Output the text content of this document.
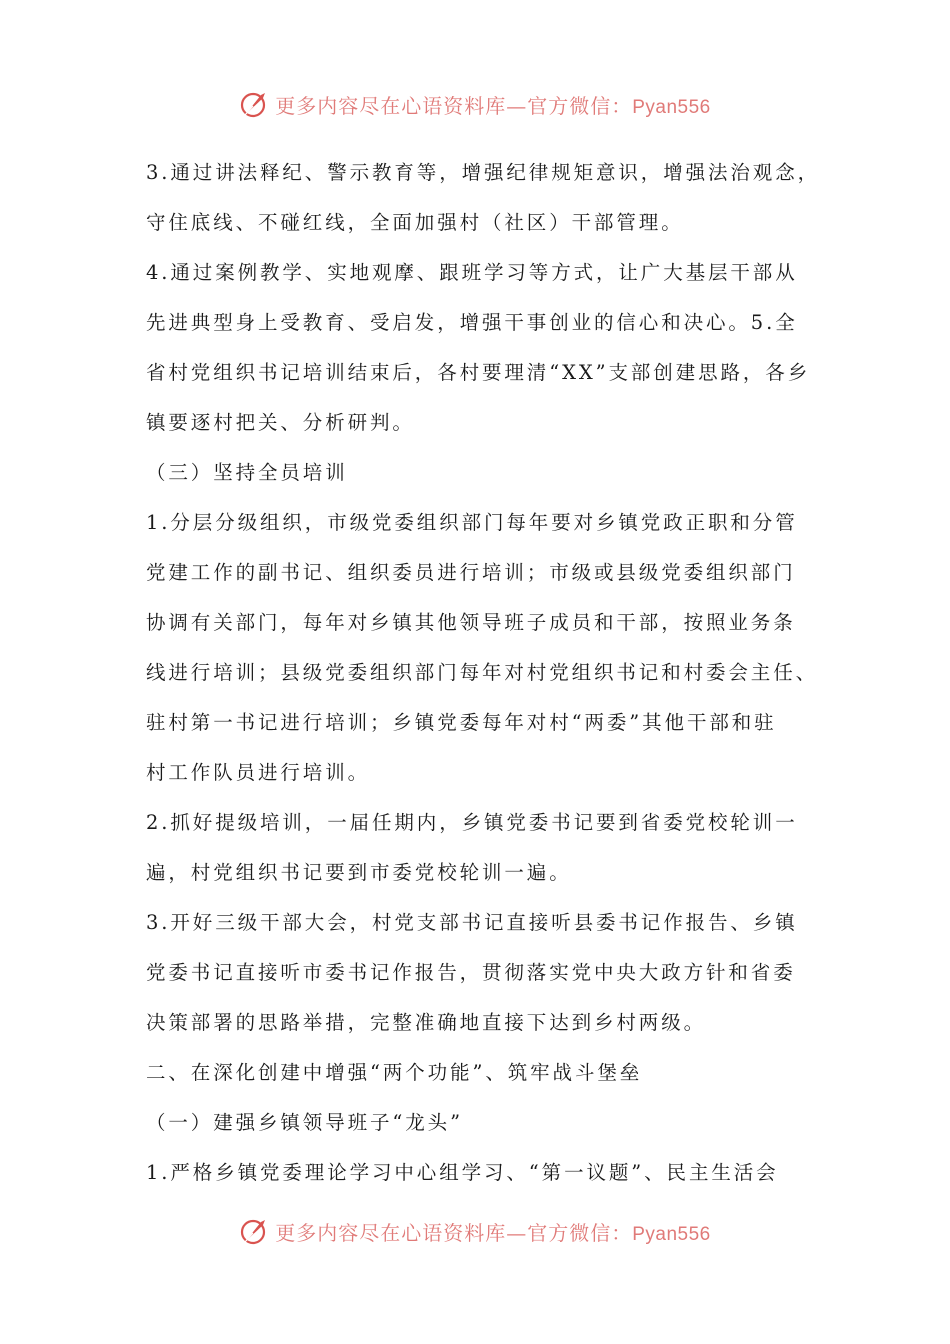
更多内容尽在心语资料库—官方微信：Pyan556
3.通过讲法释纪、警示教育等，增强纪律规矩意识，增强法治观念，
守住底线、不碰红线，全面加强村（社区）干部管理。
4.通过案例教学、实地观摩、跟班学习等方式，让广大基层干部从
先进典型身上受教育、受启发，增强干事创业的信心和决心。5.全
省村党组织书记培训结束后，各村要理清“XX”支部创建思路，各乡
镇要逐村把关、分析研判。
（三）坚持全员培训
1.分层分级组织，市级党委组织部门每年要对乡镇党政正职和分管
党建工作的副书记、组织委员进行培训；市级或县级党委组织部门
协调有关部门，每年对乡镇其他领导班子成员和干部，按照业务条
线进行培训；县级党委组织部门每年对村党组织书记和村委会主任、
驻村第一书记进行培训；乡镇党委每年对村“两委”其他干部和驻
村工作队员进行培训。
2.抓好提级培训，一届任期内，乡镇党委书记要到省委党校轮训一
遍，村党组织书记要到市委党校轮训一遍。
3.开好三级干部大会，村党支部书记直接听县委书记作报告、乡镇
党委书记直接听市委书记作报告，贯彻落实党中央大政方针和省委
决策部署的思路举措，完整准确地直接下达到乡村两级。
二、在深化创建中增强“两个功能”、筑牢战斗堡垒
（一）建强乡镇领导班子“龙头”
1.严格乡镇党委理论学习中心组学习、“第一议题”、民主生活会
更多内容尽在心语资料库—官方微信：Pyan556
